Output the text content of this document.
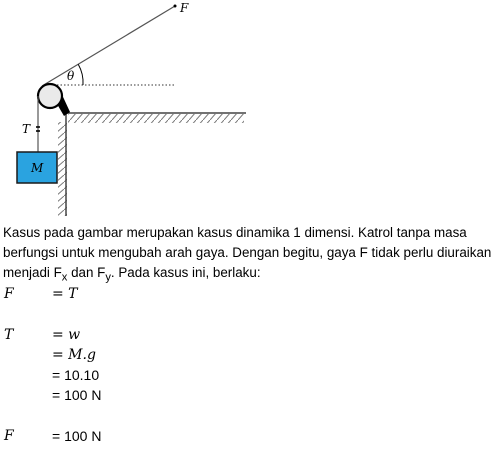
F
θ
T
M
Kasus pada gambar merupakan kasus dinamika 1 dimensi. Katrol tanpa masa
berfungsi untuk mengubah arah gaya. Dengan begitu, gaya F tidak perlu diuraikan
menjadi $F_x$ dan $F_y$. Pada kasus ini, berlaku:
F	= T
T	= w
= M.g
= 10.10
= 100 N
F	= 100 N
